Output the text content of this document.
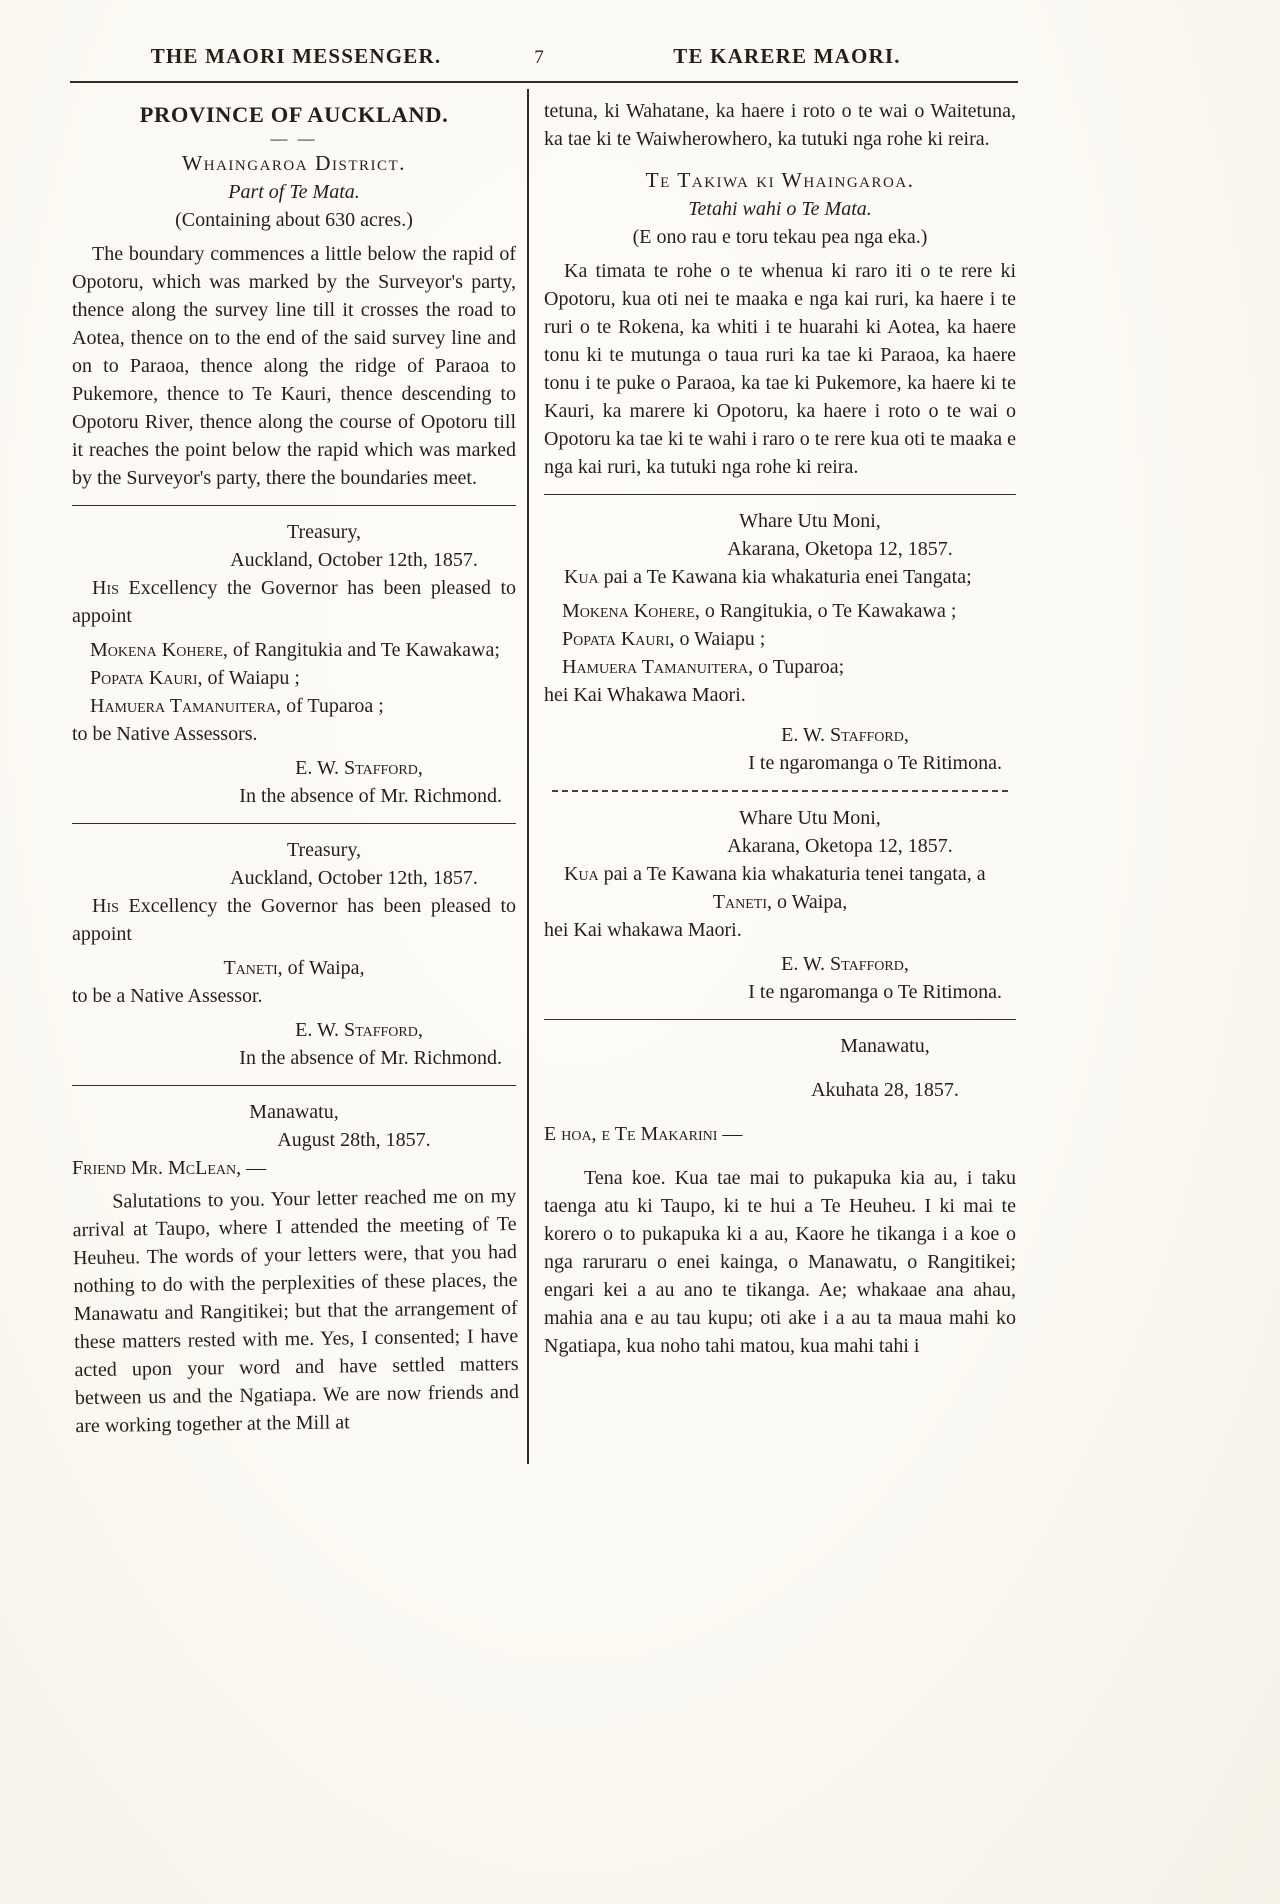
THE MAORI MESSENGER.	7	TE KARERE MAORI.
PROVINCE OF AUCKLAND.
— —
Whaingaroa District.
Part of Te Mata.
(Containing about 630 acres.)

The boundary commences a little below the rapid of Opotoru, which was marked by the Surveyor's party, thence along the survey line till it crosses the road to Aotea, thence on to the end of the said survey line and on to Paraoa, thence along the ridge of Paraoa to Pukemore, thence to Te Kauri, thence descending to Opotoru River, thence along the course of Opotoru till it reaches the point below the rapid which was marked by the Surveyor's party, there the boundaries meet.

Treasury,
Auckland, October 12th, 1857.

His Excellency the Governor has been pleased to appoint

Mokena Kohere, of Rangitukia and Te Kawakawa;

Popata Kauri, of Waiapu ;

Hamuera Tamanuitera, of Tuparoa ;

to be Native Assessors.
E. W. Stafford,
In the absence of Mr. Richmond.
Treasury,
Auckland, October 12th, 1857.

His Excellency the Governor has been pleased to appoint

Taneti, of Waipa,

to be a Native Assessor.
E. W. Stafford,
In the absence of Mr. Richmond.
Manawatu,
August 28th, 1857.
Friend Mr. McLean, —

Salutations to you. Your letter reached me on my arrival at Taupo, where I attended the meeting of Te Heuheu. The words of your letters were, that you had nothing to do with the perplexities of these places, the Manawatu and Rangitikei; but that the arrangement of these matters rested with me. Yes, I consented; I have acted upon your word and have settled matters between us and the Ngatiapa. We are now friends and are working together at the Mill at

tetuna, ki Wahatane, ka haere i roto o te wai o Waitetuna, ka tae ki te Waiwherowhero, ka tutuki nga rohe ki reira.

Te Takiwa ki Whaingaroa.
Tetahi wahi o Te Mata.
(E ono rau e toru tekau pea nga eka.)

Ka timata te rohe o te whenua ki raro iti o te rere ki Opotoru, kua oti nei te maaka e nga kai ruri, ka haere i te ruri o te Rokena, ka whiti i te huarahi ki Aotea, ka haere tonu ki te mutunga o taua ruri ka tae ki Paraoa, ka haere tonu i te puke o Paraoa, ka tae ki Pukemore, ka haere ki te Kauri, ka marere ki Opotoru, ka haere i roto o te wai o Opotoru ka tae ki te wahi i raro o te rere kua oti te maaka e nga kai ruri, ka tutuki nga rohe ki reira.

Whare Utu Moni,
Akarana, Oketopa 12, 1857.

Kua pai a Te Kawana kia whakaturia enei Tangata;

Mokena Kohere, o Rangitukia, o Te Kawakawa ;

Popata Kauri, o Waiapu ;

Hamuera Tamanuitera, o Tuparoa;

hei Kai Whakawa Maori.
E. W. Stafford,
I te ngaromanga o Te Ritimona.
Whare Utu Moni,
Akarana, Oketopa 12, 1857.

Kua pai a Te Kawana kia whakaturia tenei tangata, a

Taneti, o Waipa,

hei Kai whakawa Maori.
E. W. Stafford,
I te ngaromanga o Te Ritimona.
Manawatu,
Akuhata 28, 1857.
E hoa, e Te Makarini —

Tena koe. Kua tae mai to pukapuka kia au, i taku taenga atu ki Taupo, ki te hui a Te Heuheu. I ki mai te korero o to pukapuka ki a au, Kaore he tikanga i a koe o nga raruraru o enei kainga, o Manawatu, o Rangitikei; engari kei a au ano te tikanga. Ae; whakaae ana ahau, mahia ana e au tau kupu; oti ake i a au ta maua mahi ko Ngatiapa, kua noho tahi matou, kua mahi tahi i
